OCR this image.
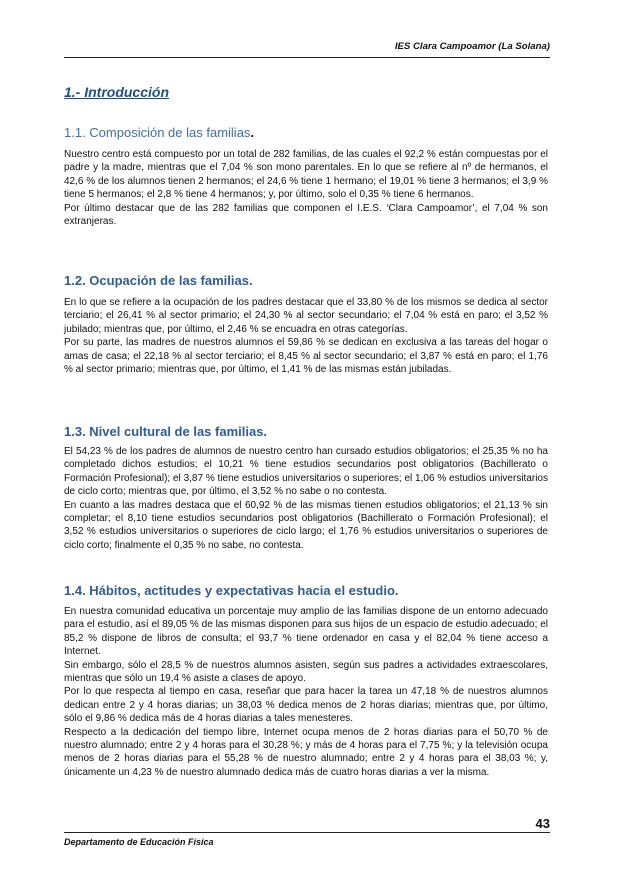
IES Clara Campoamor (La Solana)
1.- Introducción
1.1. Composición de las familias.

Nuestro centro está compuesto por un total de 282 familias, de las cuales el 92,2 % están compuestas por el padre y la madre, mientras que el 7,04 % son mono parentales. En lo que se refiere al nº de hermanos, el 42,6 % de los alumnos tienen 2 hermanos; el 24,6 % tiene 1 hermano; el 19,01 % tiene 3 hermanos; el 3,9 % tiene 5 hermanos; el 2,8 % tiene 4 hermanos; y, por último, solo el 0,35 % tiene 6 hermanos.

Por último destacar que de las 282 familias que componen el I.E.S. ‘Clara Campoamor’, el 7,04 % son extranjeras.

1.2. Ocupación de las familias.

En lo que se refiere a la ocupación de los padres destacar que el 33,80 % de los mismos se dedica al sector terciario; el 26,41 % al sector primario; el 24,30 % al sector secundario; el 7,04 % está en paro; el 3,52 % jubilado; mientras que, por último, el 2,46 % se encuadra en otras categorías.

Por su parte, las madres de nuestros alumnos el 59,86 % se dedican en exclusiva a las tareas del hogar o amas de casa; el 22,18 % al sector terciario; el 8,45 % al sector secundario; el 3,87 % está en paro; el 1,76 % al sector primario; mientras que, por último, el 1,41 % de las mismas están jubiladas.

1.3. Nivel cultural de las familias.

El 54,23 % de los padres de alumnos de nuestro centro han cursado estudios obligatorios; el 25,35 % no ha completado dichos estudios; el 10,21 % tiene estudios secundarios post obligatorios (Bachillerato o Formación Profesional); el 3,87 % tiene estudios universitarios o superiores; el 1,06 % estudios universitarios de ciclo corto; mientras que, por último, el 3,52 % no sabe o no contesta.

En cuanto a las madres destaca que el 60,92 % de las mismas tienen estudios obligatorios; el 21,13 % sin completar; el 8,10 tiene estudios secundarios post obligatorios (Bachillerato o Formación Profesional); el 3,52 % estudios universitarios o superiores de ciclo largo; el 1,76 % estudios universitarios o superiores de ciclo corto; finalmente el 0,35 % no sabe, no contesta.

1.4. Hábitos, actitudes y expectativas hacia el estudio.

En nuestra comunidad educativa un porcentaje muy amplio de las familias dispone de un entorno adecuado para el estudio, así el 89,05 % de las mismas disponen para sus hijos de un espacio de estudio adecuado; el 85,2 % dispone de libros de consulta; el 93,7 % tiene ordenador en casa y el 82,04 % tiene acceso a Internet.

Sin embargo, sólo el 28,5 % de nuestros alumnos asisten, según sus padres a actividades extraescolares, mientras que sólo un 19,4 % asiste a clases de apoyo.

Por lo que respecta al tiempo en casa, reseñar que para hacer la tarea un 47,18 % de nuestros alumnos dedican entre 2 y 4 horas diarias; un 38,03 % dedica menos de 2 horas diarias; mientras que, por último, sólo el 9,86 % dedica más de 4 horas diarias a tales menesteres.

Respecto a la dedicación del tiempo libre, Internet ocupa menos de 2 horas diarias para el 50,70 % de nuestro alumnado; entre 2 y 4 horas para el 30,28 %; y más de 4 horas para el 7,75 %; y la televisión ocupa menos de 2 horas diarias para el 55,28 % de nuestro alumnado; entre 2 y 4 horas para el 38,03 %; y, únicamente un 4,23 % de nuestro alumnado dedica más de cuatro horas diarias a ver la misma.

43
Departamento de Educación Física
